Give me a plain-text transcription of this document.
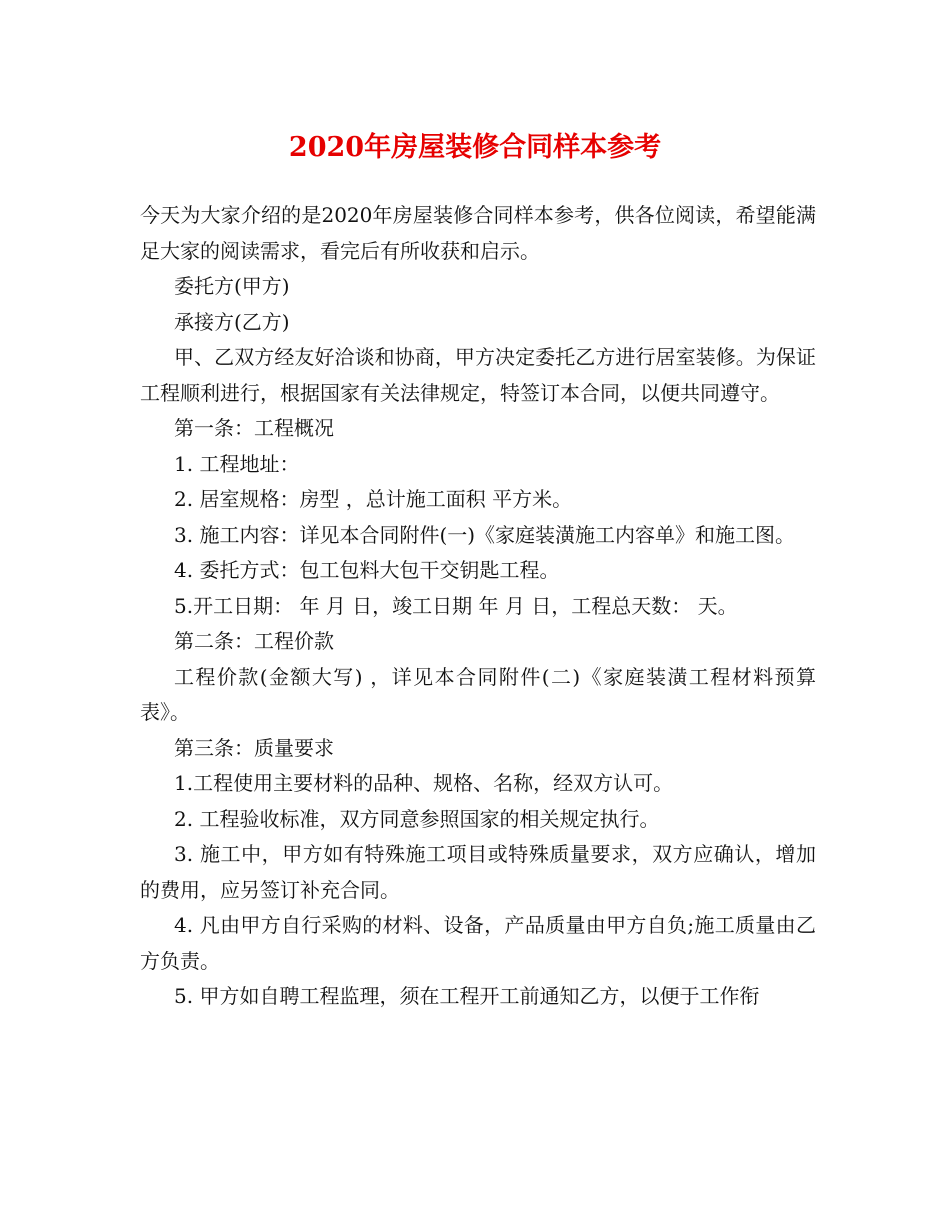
2020年房屋装修合同样本参考

今天为大家介绍的是2020年房屋装修合同样本参考，供各位阅读，希望能满足大家的阅读需求，看完后有所收获和启示。

委托方(甲方)

承接方(乙方)

甲、乙双方经友好洽谈和协商，甲方决定委托乙方进行居室装修。为保证工程顺利进行，根据国家有关法律规定，特签订本合同，以便共同遵守。

第一条：工程概况

1. 工程地址：

2. 居室规格：房型 ，总计施工面积 平方米。

3. 施工内容：详见本合同附件(一)《家庭装潢施工内容单》和施工图。

4. 委托方式：包工包料大包干交钥匙工程。

5.开工日期： 年 月 日，竣工日期 年 月 日，工程总天数： 天。

第二条：工程价款

工程价款(金额大写) ，详见本合同附件(二)《家庭装潢工程材料预算表》。

第三条：质量要求

1.工程使用主要材料的品种、规格、名称，经双方认可。

2. 工程验收标准，双方同意参照国家的相关规定执行。

3. 施工中，甲方如有特殊施工项目或特殊质量要求，双方应确认，增加的费用，应另签订补充合同。

4. 凡由甲方自行采购的材料、设备，产品质量由甲方自负;施工质量由乙方负责。

5. 甲方如自聘工程监理，须在工程开工前通知乙方，以便于工作衔
